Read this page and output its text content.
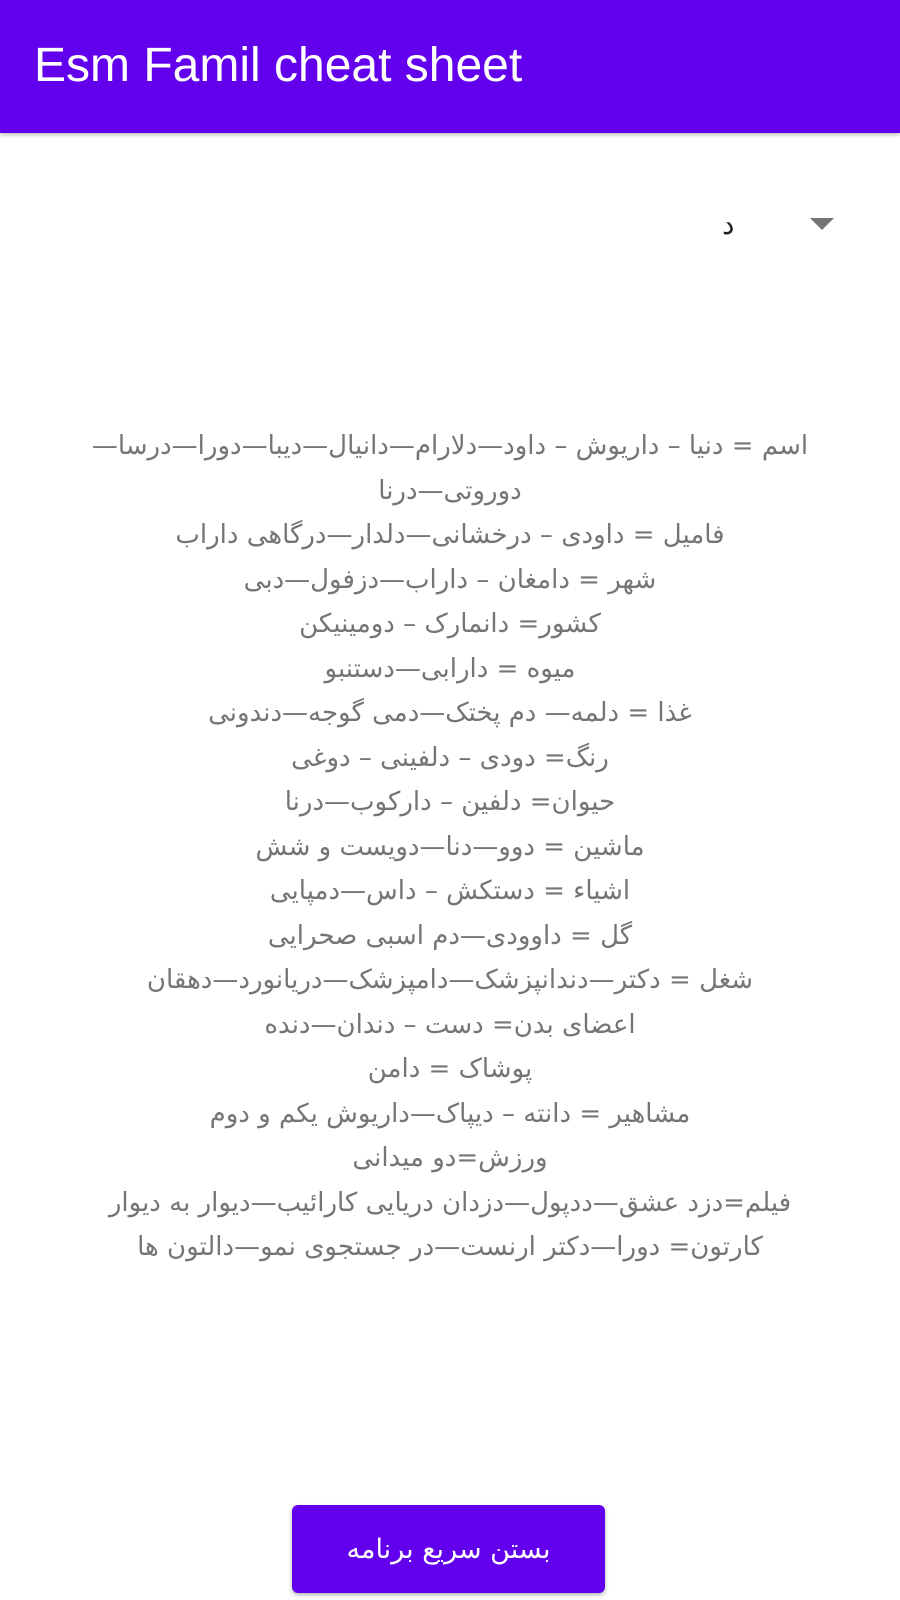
Esm Famil cheat sheet
د
اسم = دنیا – داریوش – داود—دلارام—دانیال—دیبا—دورا—درسا—
دوروتی—درنا
فامیل = داودی – درخشانی—دلدار—درگاهی داراب
شهر = دامغان – داراب—دزفول—دبی
کشور= دانمارک – دومینیکن
میوه = دارابی—دستنبو
غذا = دلمه— دم پختک—دمی گوجه—دندونی
رنگ= دودی – دلفینی – دوغی
حیوان= دلفین – دارکوب—درنا
ماشین = دوو—دنا—دویست و شش
اشیاء = دستکش – داس—دمپایی
گل = داوودی—دم اسبی صحرایی
شغل = دکتر—دندانپزشک—دامپزشک—دریانورد—دهقان
اعضای بدن= دست – دندان—دنده
پوشاک = دامن
مشاهیر = دانته – دیپاک—داریوش یکم و دوم
ورزش=دو میدانی
فیلم=دزد عشق—ددپول—دزدان دریایی کارائیب—دیوار به دیوار
کارتون= دورا—دکتر ارنست—در جستجوی نمو—دالتون ها
بستن سریع برنامه
